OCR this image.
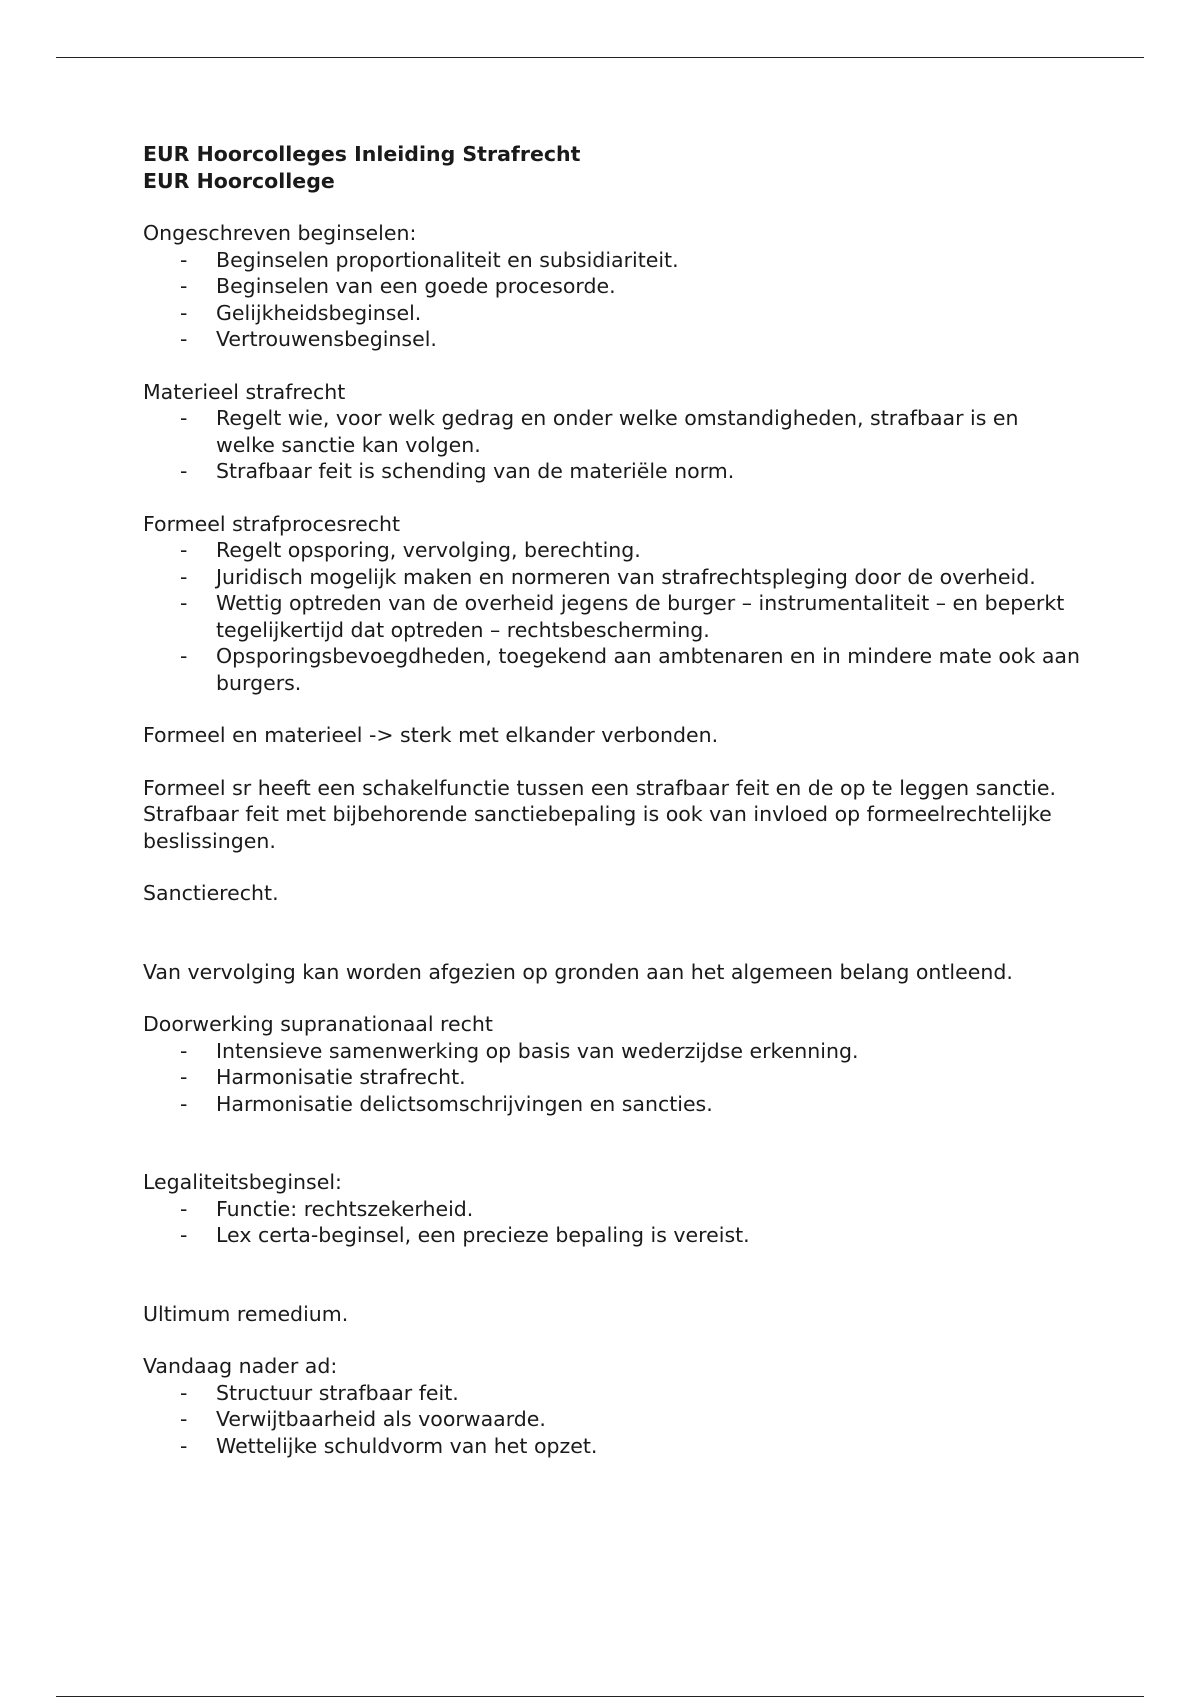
EUR Hoorcolleges Inleiding Strafrecht

EUR Hoorcollege

Ongeschreven beginselen:

- Beginselen proportionaliteit en subsidiariteit.
- Beginselen van een goede procesorde.
- Gelijkheidsbeginsel.
- Vertrouwensbeginsel.

Materieel strafrecht

- Regelt wie, voor welk gedrag en onder welke omstandigheden, strafbaar is en welke sanctie kan volgen.
- Strafbaar feit is schending van de materiële norm.

Formeel strafprocesrecht

- Regelt opsporing, vervolging, berechting.
- Juridisch mogelijk maken en normeren van strafrechtspleging door de overheid.
- Wettig optreden van de overheid jegens de burger – instrumentaliteit – en beperkt tegelijkertijd dat optreden – rechtsbescherming.
- Opsporingsbevoegdheden, toegekend aan ambtenaren en in mindere mate ook aan burgers.

Formeel en materieel -> sterk met elkander verbonden.

Formeel sr heeft een schakelfunctie tussen een strafbaar feit en de op te leggen sanctie.

Strafbaar feit met bijbehorende sanctiebepaling is ook van invloed op formeelrechtelijke beslissingen.

Sanctierecht.

Van vervolging kan worden afgezien op gronden aan het algemeen belang ontleend.

Doorwerking supranationaal recht

- Intensieve samenwerking op basis van wederzijdse erkenning.
- Harmonisatie strafrecht.
- Harmonisatie delictsomschrijvingen en sancties.

Legaliteitsbeginsel:

- Functie: rechtszekerheid.
- Lex certa-beginsel, een precieze bepaling is vereist.

Ultimum remedium.

Vandaag nader ad:

- Structuur strafbaar feit.
- Verwijtbaarheid als voorwaarde.
- Wettelijke schuldvorm van het opzet.
